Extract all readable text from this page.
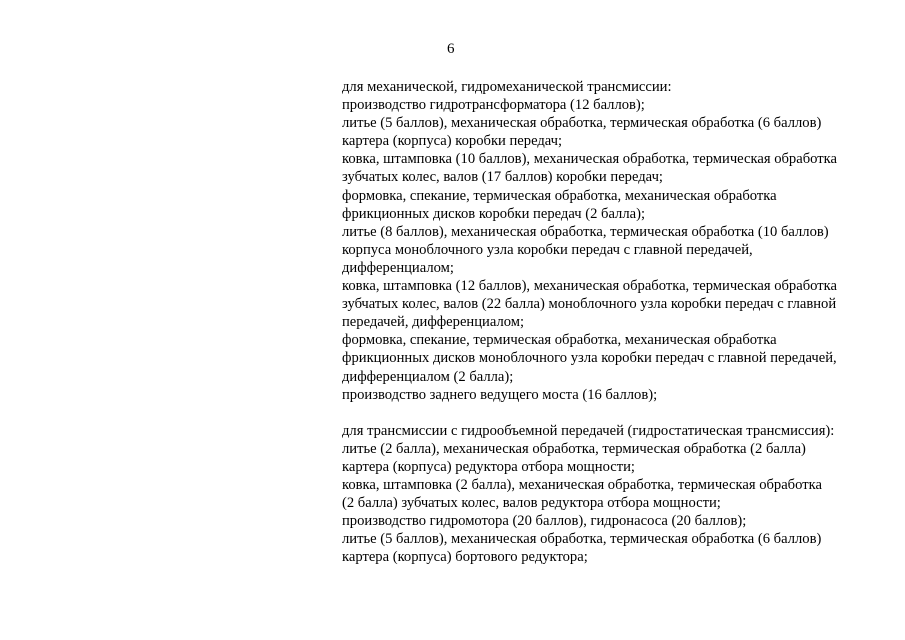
6
для механической, гидромеханической трансмиссии:
производство гидротрансформатора (12 баллов);
литье (5 баллов), механическая обработка, термическая обработка (6 баллов)
картера (корпуса) коробки передач;
ковка, штамповка (10 баллов), механическая обработка, термическая обработка
зубчатых колес, валов (17 баллов) коробки передач;
формовка, спекание, термическая обработка, механическая обработка
фрикционных дисков коробки передач (2 балла);
литье (8 баллов), механическая обработка, термическая обработка (10 баллов)
корпуса моноблочного узла коробки передач с главной передачей,
дифференциалом;
ковка, штамповка (12 баллов), механическая обработка, термическая обработка
зубчатых колес, валов (22 балла) моноблочного узла коробки передач с главной
передачей, дифференциалом;
формовка, спекание, термическая обработка, механическая обработка
фрикционных дисков моноблочного узла коробки передач с главной передачей,
дифференциалом (2 балла);
производство заднего ведущего моста (16 баллов);
для трансмиссии с гидрообъемной передачей (гидростатическая трансмиссия):
литье (2 балла), механическая обработка, термическая обработка (2 балла)
картера (корпуса) редуктора отбора мощности;
ковка, штамповка (2 балла), механическая обработка, термическая обработка
(2 балла) зубчатых колес, валов редуктора отбора мощности;
производство гидромотора (20 баллов), гидронасоса (20 баллов);
литье (5 баллов), механическая обработка, термическая обработка (6 баллов)
картера (корпуса) бортового редуктора;
